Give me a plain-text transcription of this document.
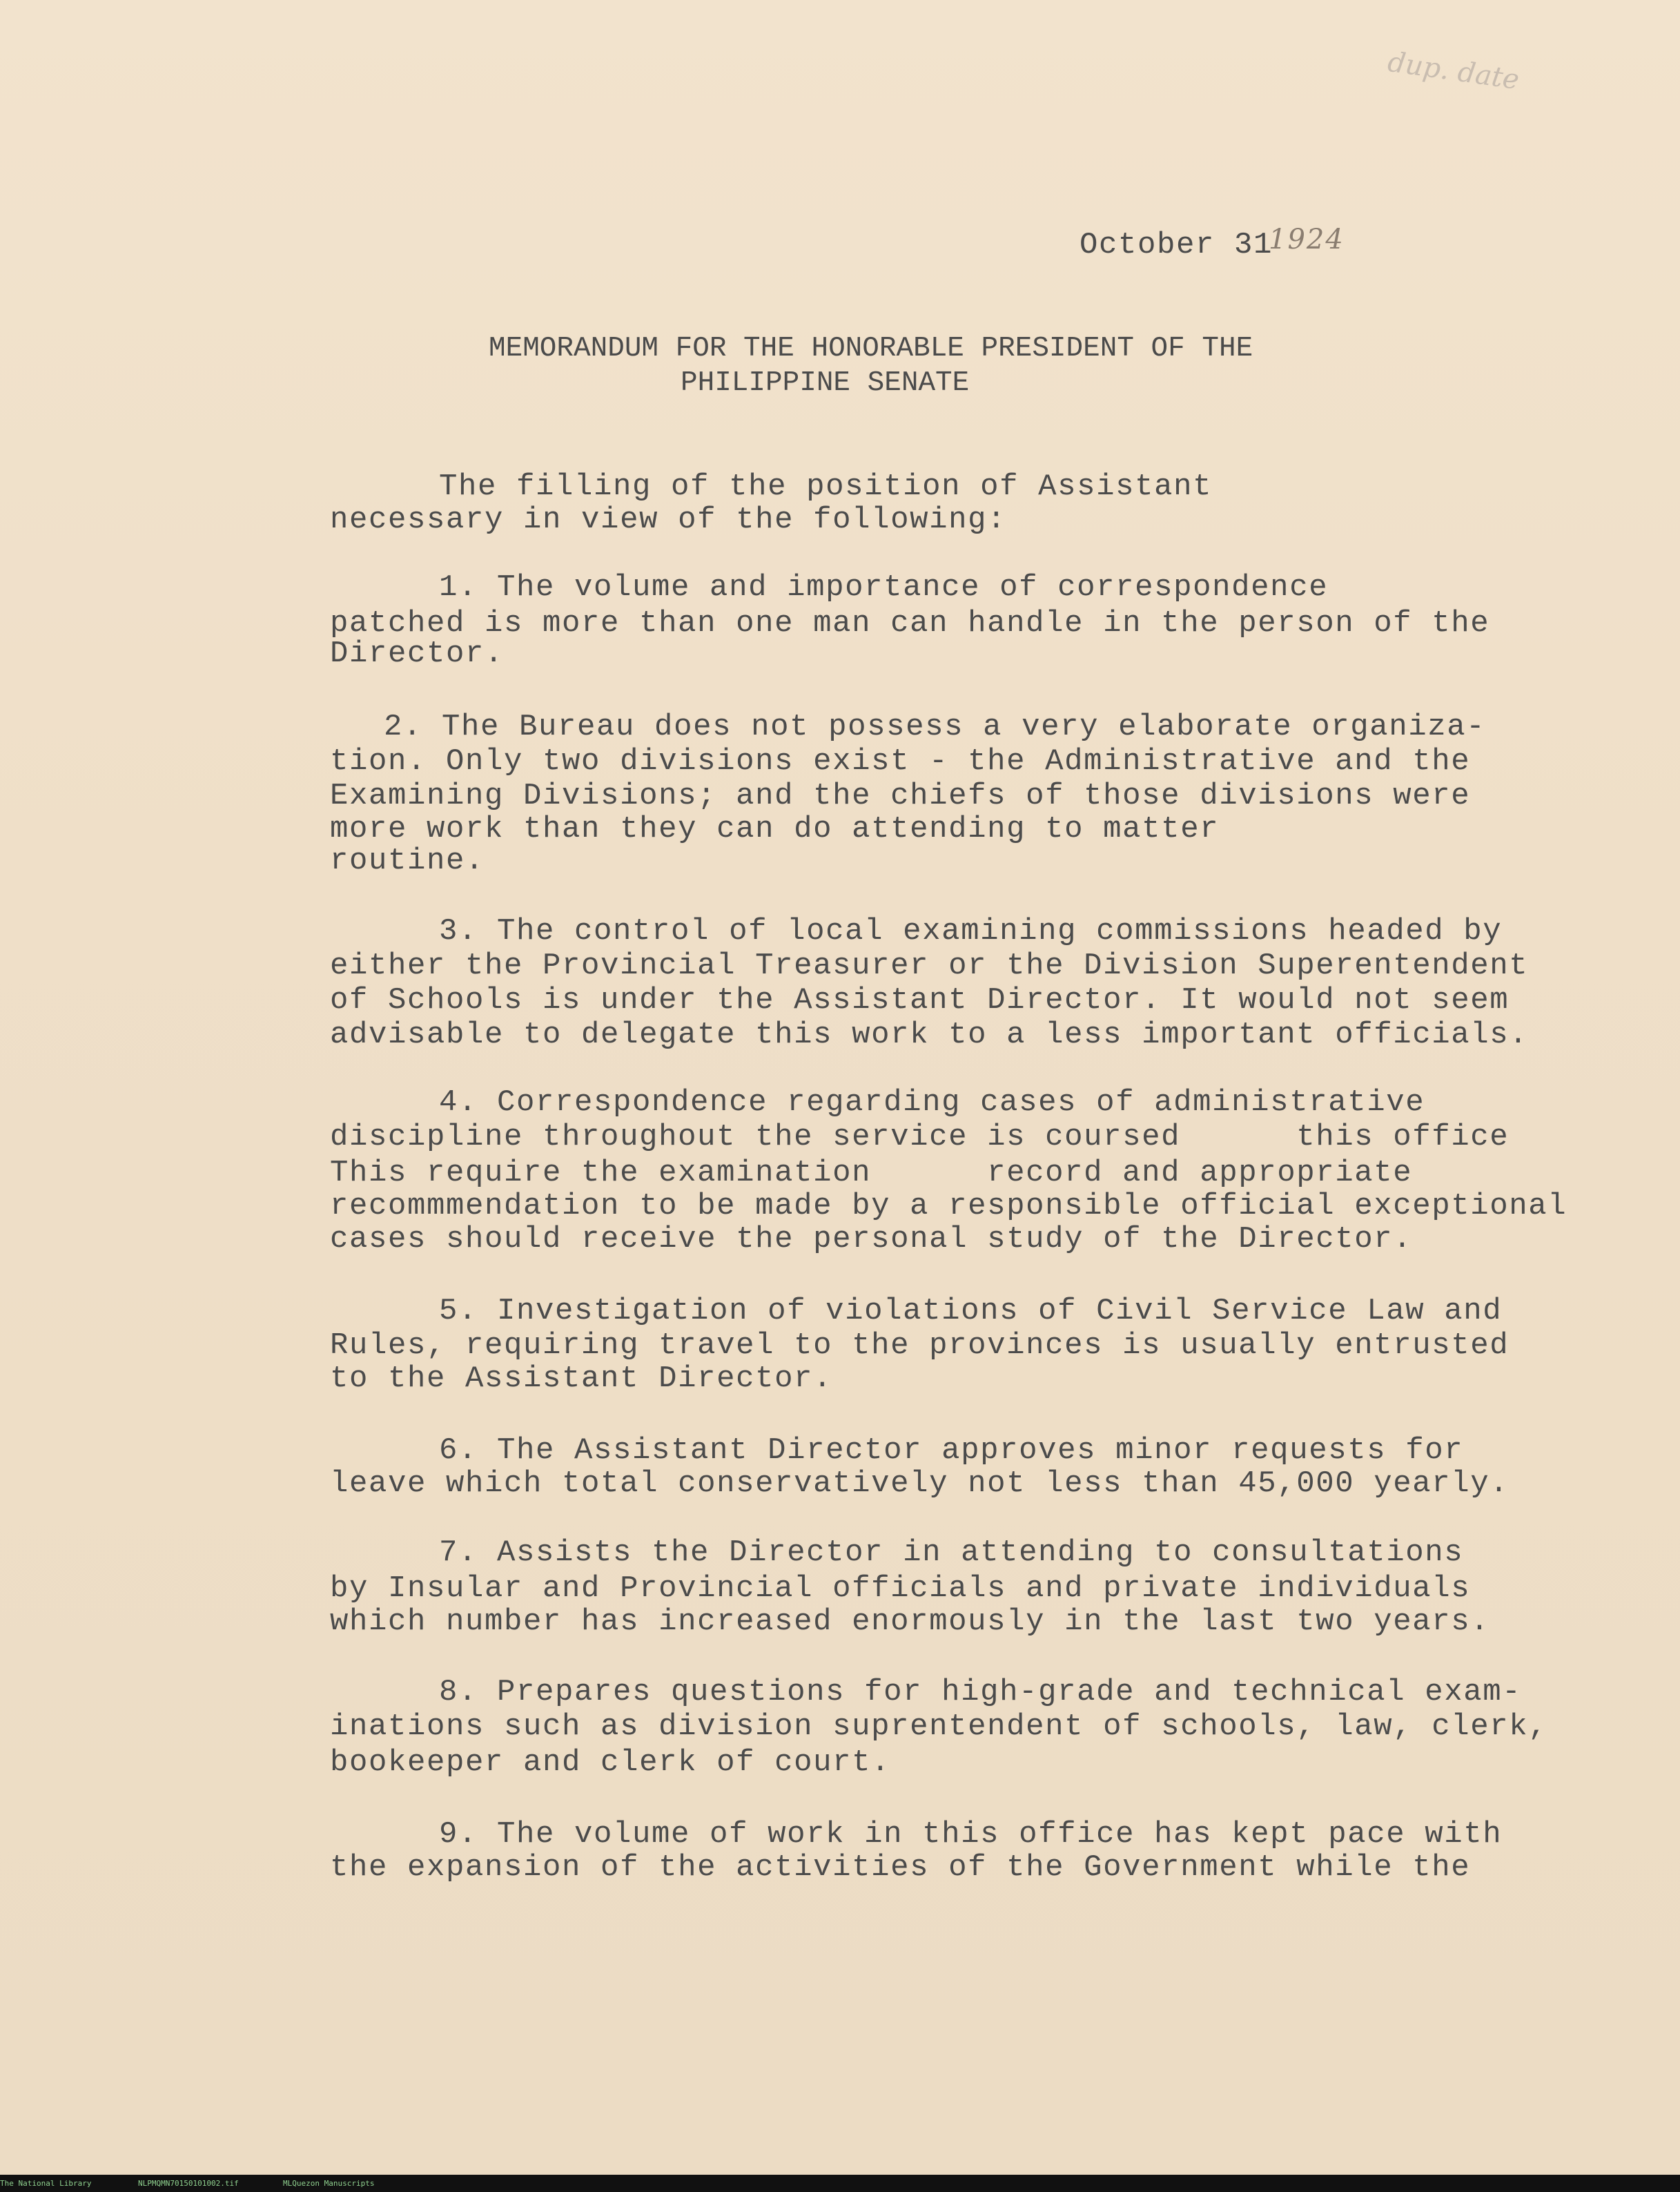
dup. date
October 31
1924
MEMORANDUM FOR THE HONORABLE PRESIDENT OF THE
PHILIPPINE SENATE
The filling of the position of Assistant
necessary in view of the following:
1. The volume and importance of correspondence
patched is more than one man can handle in the person of the
Director.
2. The Bureau does not possess a very elaborate organiza-
tion. Only two divisions exist - the Administrative and the
Examining Divisions; and the chiefs of those divisions were
more work than they can do attending to matter
routine.
3. The control of local examining commissions headed by
either the Provincial Treasurer or the Division Superentendent
of Schools is under the Assistant Director. It would not seem
advisable to delegate this work to a less important officials.
4. Correspondence regarding cases of administrative
discipline throughout the service is coursed      this office
This require the examination      record and appropriate
recommmendation to be made by a responsible official exceptional
cases should receive the personal study of the Director.
5. Investigation of violations of Civil Service Law and
Rules, requiring travel to the provinces is usually entrusted
to the Assistant Director.
6. The Assistant Director approves minor requests for
leave which total conservatively not less than 45,000 yearly.
7. Assists the Director in attending to consultations
by Insular and Provincial officials and private individuals
which number has increased enormously in the last two years.
8. Prepares questions for high-grade and technical exam-
inations such as division suprentendent of schools, law, clerk,
bookeeper and clerk of court.
9. The volume of work in this office has kept pace with
the expansion of the activities of the Government while the
The National Library	NLPMQMN70150101002.tif	MLQuezon Manuscripts
